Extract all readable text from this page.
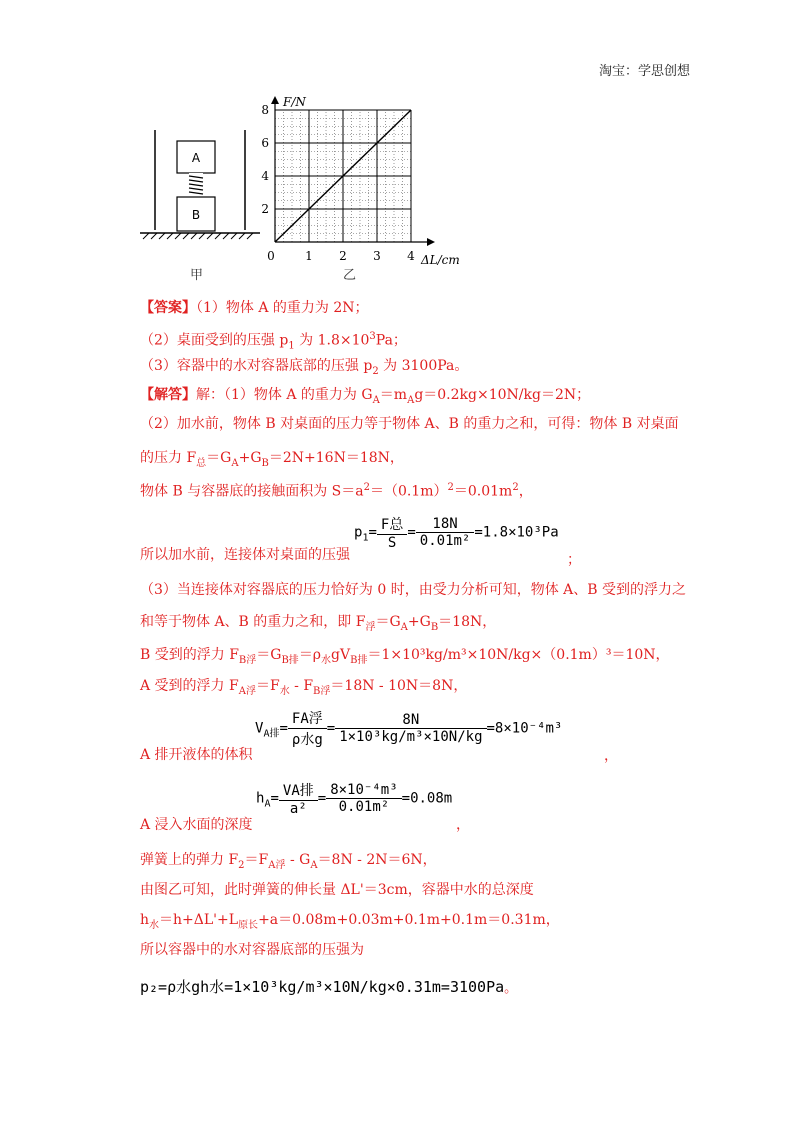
淘宝：学思创想
A
B
甲
1 2 3 4
2
4
6
8
F/N
ΔL/cm
0
乙
【答案】（1）物体 A 的重力为 2N；
（2）桌面受到的压强 $p_1$ 为 $1.8\times 10^3Pa$；
（3）容器中的水对容器底部的压强 $p_2$ 为 3100Pa。
【解答】解：（1）物体 A 的重力为 $G_A=m_Ag=0.2kg\times 10N/kg=2N$；
（2）加水前，物体 B 对桌面的压力等于物体 A、B 的重力之和，可得：物体 B 对桌面
的压力 $F_总=G_A+G_B=2N+16N=18N$，
物体 B 与容器底的接触面积为 $S=a^2=(0.1m)^2=0.01m^2$，
所以加水前，连接体对桌面的压强
$p_1= \frac{\text{F总}}{S} = \frac{18N}{\text{0.01m²}} =1.8\times 10^3Pa$
；
（3）当连接体对容器底的压力恰好为 0 时，由受力分析可知，物体 A、B 受到的浮力之
和等于物体 A、B 的重力之和，即 $F_浮=G_A+G_B=18N$，
B 受到的浮力 $F_{B浮}=G_{B排}=\rho_水gV_{B排}=1\times 10^3kg/m^3\times 10N/kg\times(0.1m)^3=10N$，
A 受到的浮力 $F_{A浮}=F_水 - F_{B浮}=18N - 10N=8N$，
A 排开液体的体积
$V_{A排}= \frac{\text{FA浮}}{\text{ρ水g}} = \frac{8N}{\text{1×10³kg/m³×10N/kg}} =8\times 10^{-4}m^3$
，
A 浸入水面的深度
$h_A= \frac{\text{VA排}}{\text{a²}} = \frac{\text{8×10⁻⁴m³}}{\text{0.01m²}} =0.08m$
，
弹簧上的弹力 $F_2=F_{A浮} - G_A=8N - 2N=6N$，
由图乙可知，此时弹簧的伸长量 ΔL'＝3cm，容器中水的总深度
$h_水=h+\Delta L'+L_{原长}+a=0.08m+0.03m+0.1m+0.1m=0.31m$，
所以容器中的水对容器底部的压强为
p₂=ρ水gh水=1×10³kg/m³×10N/kg×0.31m=3100Pa。
